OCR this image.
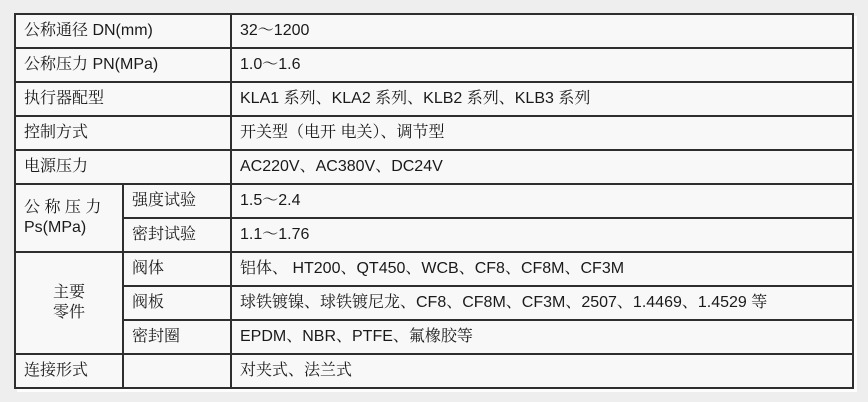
公称通径 DN(mm)		32～1200
公称压力 PN(MPa)		1.0～1.6
执行器配型		KLA1 系列、KLA2 系列、KLB2 系列、KLB3 系列
控制方式		开关型（电开 电关）、调节型
电源压力		AC220V、AC380V、DC24V

公 称 压 力
Ps(MPa)	强度试验	1.5～2.4
	密封试验	1.1～1.76

主要
零件	阀体	铝体、 HT200、QT450、WCB、CF8、CF8M、CF3M
	阀板	球铁镀镍、球铁镀尼龙、CF8、CF8M、CF3M、2507、1.4469、1.4529 等
	密封圈	EPDM、NBR、PTFE、氟橡胶等
连接形式		对夹式、法兰式
